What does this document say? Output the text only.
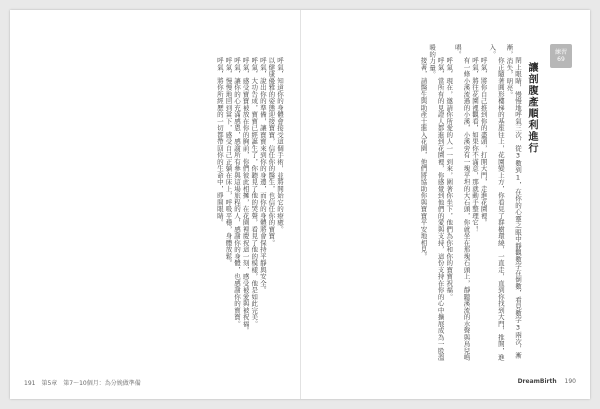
呼氣，知道你的身體會接受這個手術，並將開始它的療癒。

以健康優雅的姿態迎接寶寶，信任你的醫生，也信任你的寶寶。

呼氣，說出你的準備，讓寶寶來到你的身邊，而你的身體將會保持平靜與安全。

呼氣，大功告成，寶寶已經誕生了，你聽見了他的哭聲，看見了他的模樣，他是如此完美。

呼氣，感受寶寶被放在你的胸前，你們彼此相擁，在花園裡慶祝這一刻，感受被愛與被祝福。

呼氣，讓你的心充滿感恩，感謝所有參與這場旅程的人，感謝你的身體，也感謝你的寶寶。

呼氣，慢慢地回到當下，感受自己正躺在床上，呼吸平穩，身體放鬆。

呼氣，將你所經歷的一切都帶回你的生命中，睜開眼睛。	閉上眼睛，慢慢地呼氣三次，從3數到1，在你的心靈之眼中靜觀數字在倒數，看見數字3兩次，漸漸，消失，明亮。

你正隨著圓形樓梯的基座往上，花園變上方，你看見了群樹環繞，一直走，直到你找到大門，推開，進入。

呼氣，將你自己推到你的盡頭，打開大門，走進花園裡。

呼氣，將往花園裡觀看，如果你不滿意，那就動手整理它！

有一條小溪流過的小溪，小溪旁有一塊平坦的大石頭，你就坐在那塊石頭上，靜聽溪流的水聲與鳥兒鳴唱。

呼氣，現在，邀請你所愛的人一一到來，圍著你坐下，他們為你和你的寶寶祝福。

呼氣，當所有的見證人都進到花園裡，你感覺到他們的愛與支持，這份支持在你的心中擴展成為一股溫暖的力量。

接著，請醫生與助產士進入花園，他們將協助你與寶寶平安地相見。	讓剖腹產順利進行
練習
69
191　第5章　第7～10個月：為分娩做準備	DreamBirth 190
